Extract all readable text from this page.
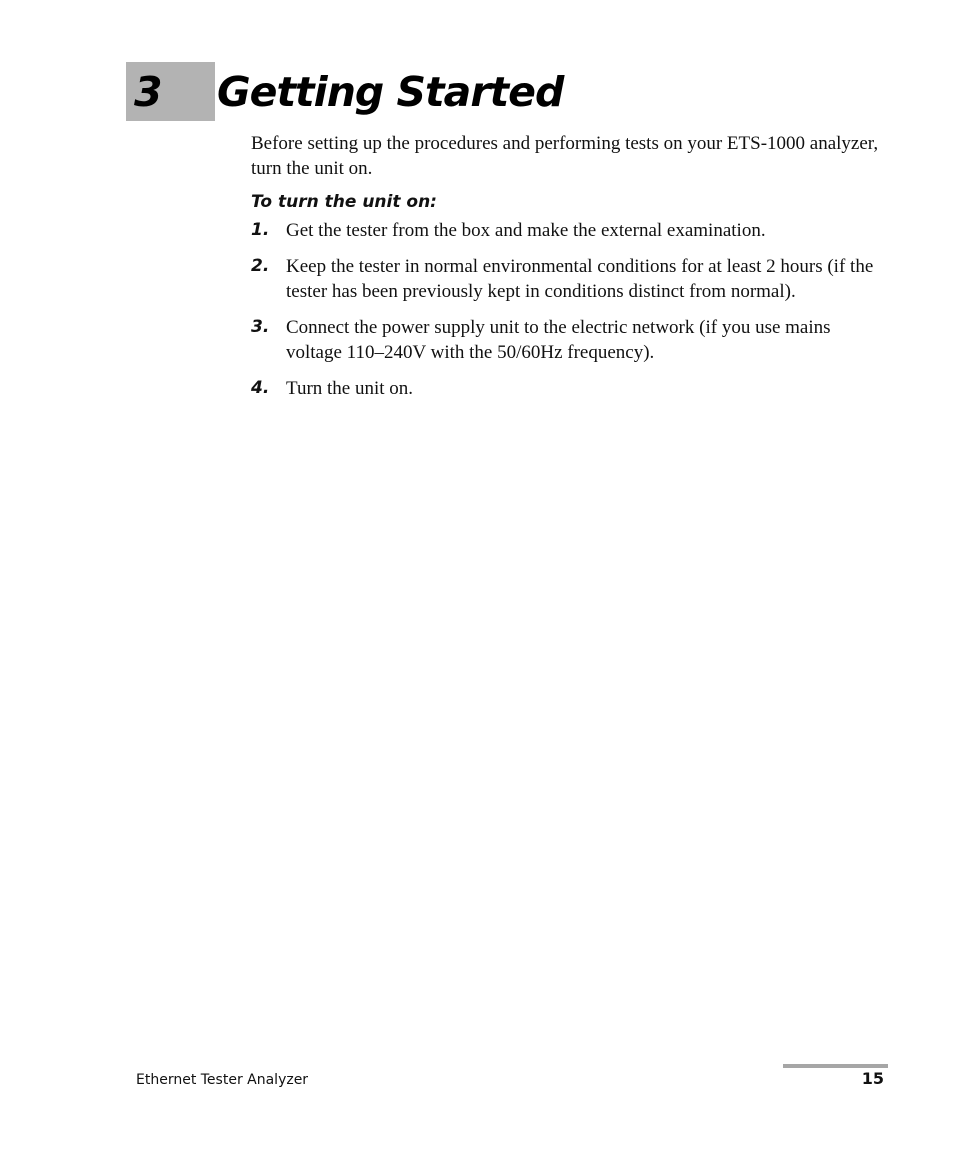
3 Getting Started

Before setting up the procedures and performing tests on your ETS-1000 analyzer, turn the unit on.

To turn the unit on:
1. Get the tester from the box and make the external examination.
2. Keep the tester in normal environmental conditions for at least 2 hours (if the tester has been previously kept in conditions distinct from normal).
3. Connect the power supply unit to the electric network (if you use mains voltage 110–240V with the 50/60Hz frequency).
4. Turn the unit on.
Ethernet Tester Analyzer	15
